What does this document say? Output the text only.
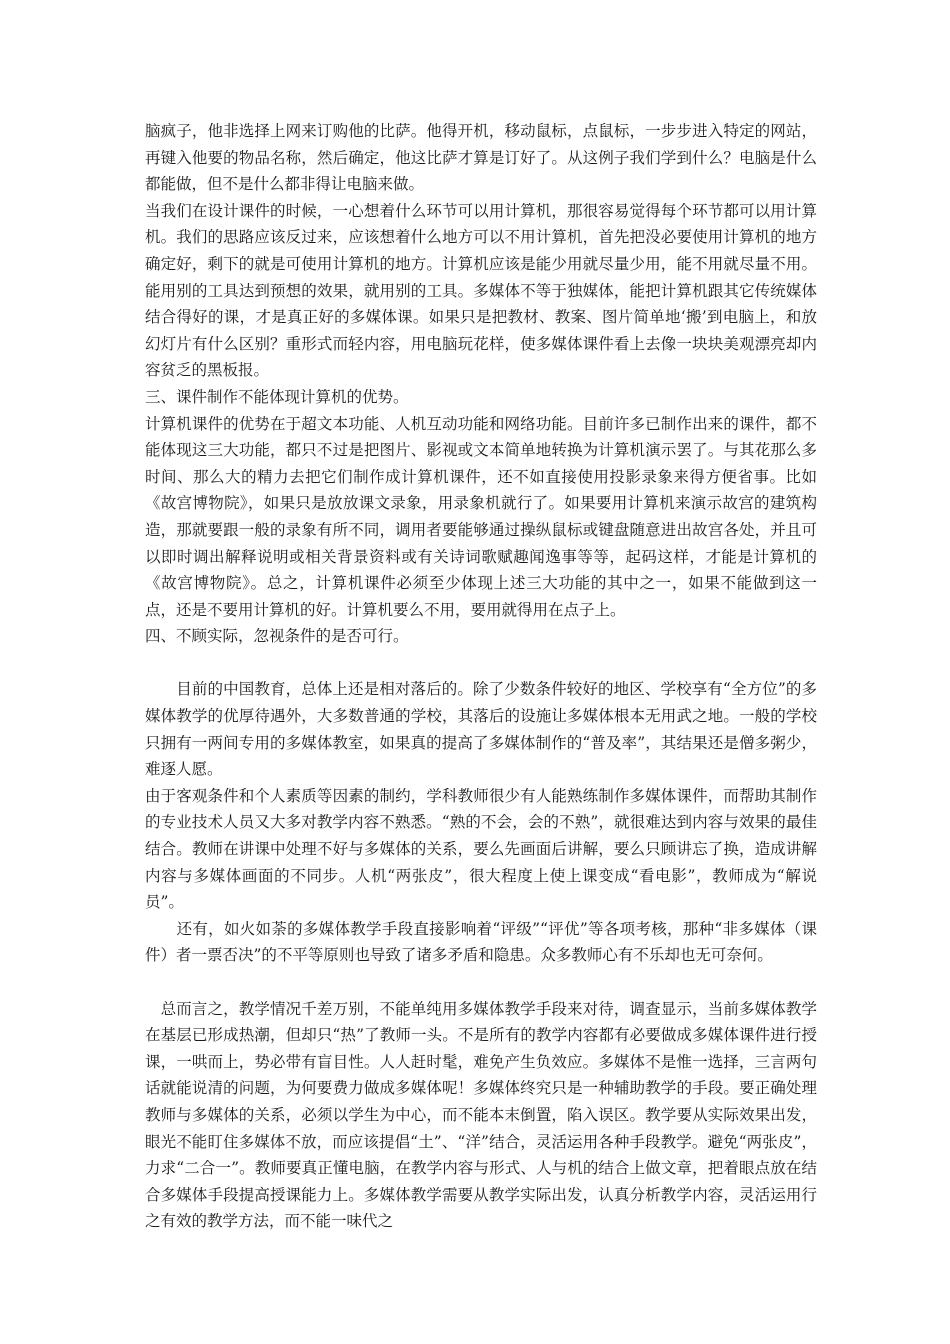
脑疯子，他非选择上网来订购他的比萨。他得开机，移动鼠标，点鼠标，一步步进入特定的网站，再键入他要的物品名称，然后确定，他这比萨才算是订好了。从这例子我们学到什么？电脑是什么都能做，但不是什么都非得让电脑来做。

当我们在设计课件的时候，一心想着什么环节可以用计算机，那很容易觉得每个环节都可以用计算机。我们的思路应该反过来，应该想着什么地方可以不用计算机，首先把没必要使用计算机的地方确定好，剩下的就是可使用计算机的地方。计算机应该是能少用就尽量少用，能不用就尽量不用。能用别的工具达到预想的效果，就用别的工具。多媒体不等于独媒体，能把计算机跟其它传统媒体结合得好的课，才是真正好的多媒体课。如果只是把教材、教案、图片简单地‘搬’到电脑上，和放幻灯片有什么区别？重形式而轻内容，用电脑玩花样，使多媒体课件看上去像一块块美观漂亮却内容贫乏的黑板报。

三、课件制作不能体现计算机的优势。

计算机课件的优势在于超文本功能、人机互动功能和网络功能。目前许多已制作出来的课件，都不能体现这三大功能，都只不过是把图片、影视或文本简单地转换为计算机演示罢了。与其花那么多时间、那么大的精力去把它们制作成计算机课件，还不如直接使用投影录象来得方便省事。比如《故宫博物院》，如果只是放放课文录象，用录象机就行了。如果要用计算机来演示故宫的建筑构造，那就要跟一般的录象有所不同，调用者要能够通过操纵鼠标或键盘随意进出故宫各处，并且可以即时调出解释说明或相关背景资料或有关诗词歌赋趣闻逸事等等，起码这样，才能是计算机的《故宫博物院》。总之，计算机课件必须至少体现上述三大功能的其中之一，如果不能做到这一点，还是不要用计算机的好。计算机要么不用，要用就得用在点子上。

四、不顾实际，忽视条件的是否可行。

　　目前的中国教育，总体上还是相对落后的。除了少数条件较好的地区、学校享有“全方位”的多媒体教学的优厚待遇外，大多数普通的学校，其落后的设施让多媒体根本无用武之地。一般的学校只拥有一两间专用的多媒体教室，如果真的提高了多媒体制作的“普及率”，其结果还是僧多粥少，难逐人愿。

由于客观条件和个人素质等因素的制约，学科教师很少有人能熟练制作多媒体课件，而帮助其制作的专业技术人员又大多对教学内容不熟悉。“熟的不会，会的不熟”，就很难达到内容与效果的最佳结合。教师在讲课中处理不好与多媒体的关系，要么先画面后讲解，要么只顾讲忘了换，造成讲解内容与多媒体画面的不同步。人机“两张皮”，很大程度上使上课变成“看电影”，教师成为“解说员”。

　　还有，如火如荼的多媒体教学手段直接影响着“评级”“评优”等各项考核，那种“非多媒体（课件）者一票否决”的不平等原则也导致了诸多矛盾和隐患。众多教师心有不乐却也无可奈何。

　总而言之，教学情况千差万别，不能单纯用多媒体教学手段来对待，调查显示，当前多媒体教学在基层已形成热潮，但却只“热”了教师一头。不是所有的教学内容都有必要做成多媒体课件进行授课，一哄而上，势必带有盲目性。人人赶时髦，难免产生负效应。多媒体不是惟一选择，三言两句话就能说清的问题，为何要费力做成多媒体呢！多媒体终究只是一种辅助教学的手段。要正确处理教师与多媒体的关系，必须以学生为中心，而不能本末倒置，陷入误区。教学要从实际效果出发，眼光不能盯住多媒体不放，而应该提倡“土”、“洋”结合，灵活运用各种手段教学。避免“两张皮”，力求“二合一”。教师要真正懂电脑，在教学内容与形式、人与机的结合上做文章，把着眼点放在结合多媒体手段提高授课能力上。多媒体教学需要从教学实际出发，认真分析教学内容，灵活运用行之有效的教学方法，而不能一味代之
